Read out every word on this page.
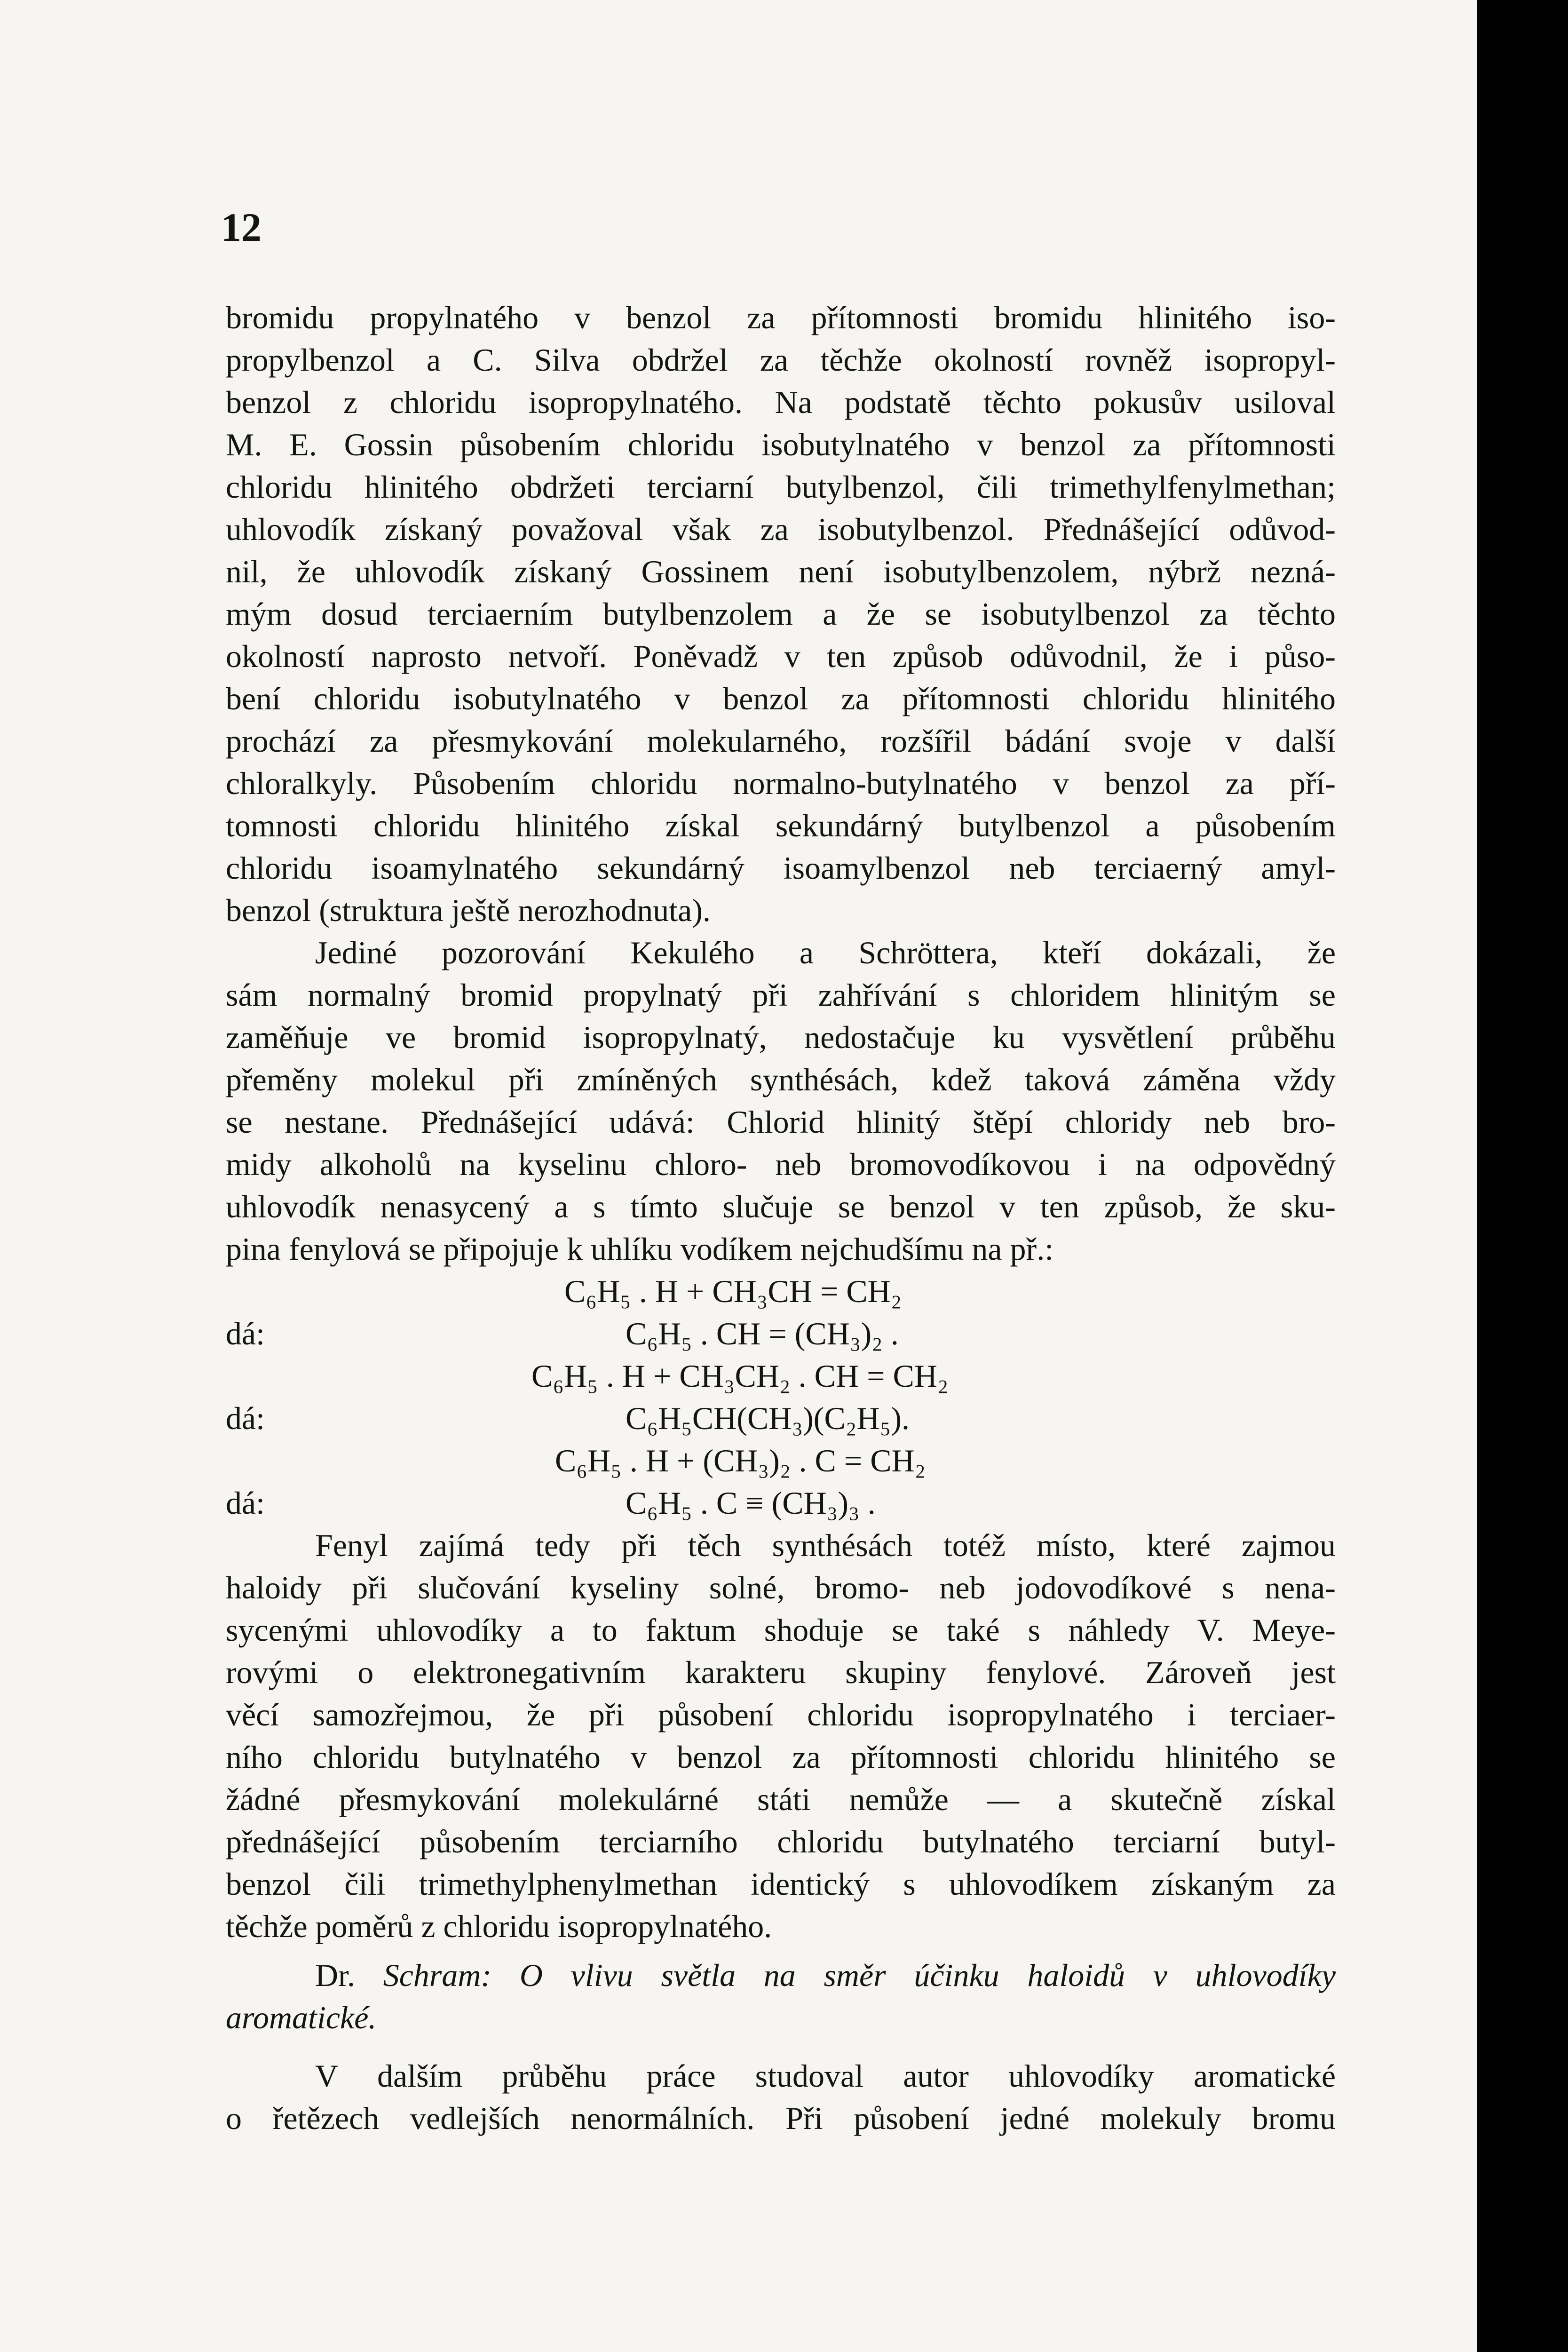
12
bromidu propylnatého v benzol za přítomnosti bromidu hlinitého iso-
propylbenzol a C. Silva obdržel za těchže okolností rovněž isopropyl-
benzol z chloridu isopropylnatého. Na podstatě těchto pokusův usiloval
M. E. Gossin působením chloridu isobutylnatého v benzol za přítomnosti
chloridu hlinitého obdržeti terciarní butylbenzol, čili trimethylfenylmethan;
uhlovodík získaný považoval však za isobutylbenzol. Přednášející odůvod-
nil, že uhlovodík získaný Gossinem není isobutylbenzolem, nýbrž nezná-
mým dosud terciaerním butylbenzolem a že se isobutylbenzol za těchto
okolností naprosto netvoří. Poněvadž v ten způsob odůvodnil, že i půso-
bení chloridu isobutylnatého v benzol za přítomnosti chloridu hlinitého
prochází za přesmykování molekularného, rozšířil bádání svoje v další
chloralkyly. Působením chloridu normalno-butylnatého v benzol za pří-
tomnosti chloridu hlinitého získal sekundárný butylbenzol a působením
chloridu isoamylnatého sekundárný isoamylbenzol neb terciaerný amyl-
benzol (struktura ještě nerozhodnuta).
Jediné pozorování Kekulého a Schröttera, kteří dokázali, že
sám normalný bromid propylnatý při zahřívání s chloridem hlinitým se
zaměňuje ve bromid isopropylnatý, nedostačuje ku vysvětlení průběhu
přeměny molekul při zmíněných synthésách, kdež taková záměna vždy
se nestane. Přednášející udává: Chlorid hlinitý štěpí chloridy neb bro-
midy alkoholů na kyselinu chloro- neb bromovodíkovou i na odpovědný
uhlovodík nenasycený a s tímto slučuje se benzol v ten způsob, že sku-
pina fenylová se připojuje k uhlíku vodíkem nejchudšímu na př.:
C₆H₅ . H + CH₃CH = CH₂
dá:	C₆H₅ . CH = (CH₃)₂ .
C₆H₅ . H + CH₃CH₂ . CH = CH₂
dá:	C₆H₅CH(CH₃)(C₂H₅).
C₆H₅ . H + (CH₃)₂ . C = CH₂
dá:	C₆H₅ . C ≡ (CH₃)₃ .
Fenyl zajímá tedy při těch synthésách totéž místo, které zajmou
haloidy při slučování kyseliny solné, bromo- neb jodovodíkové s nena-
sycenými uhlovodíky a to faktum shoduje se také s náhledy V. Meye-
rovými o elektronegativním karakteru skupiny fenylové. Zároveň jest
věcí samozřejmou, že při působení chloridu isopropylnatého i terciaer-
ního chloridu butylnatého v benzol za přítomnosti chloridu hlinitého se
žádné přesmykování molekulárné státi nemůže — a skutečně získal
přednášející působením terciarního chloridu butylnatého terciarní butyl-
benzol čili trimethylphenylmethan identický s uhlovodíkem získaným za
těchže poměrů z chloridu isopropylnatého.
Dr. Schram: O vlivu světla na směr účinku haloidů v uhlovodíky
aromatické.
V dalším průběhu práce studoval autor uhlovodíky aromatické
o řetězech vedlejších nenormálních. Při působení jedné molekuly bromu
